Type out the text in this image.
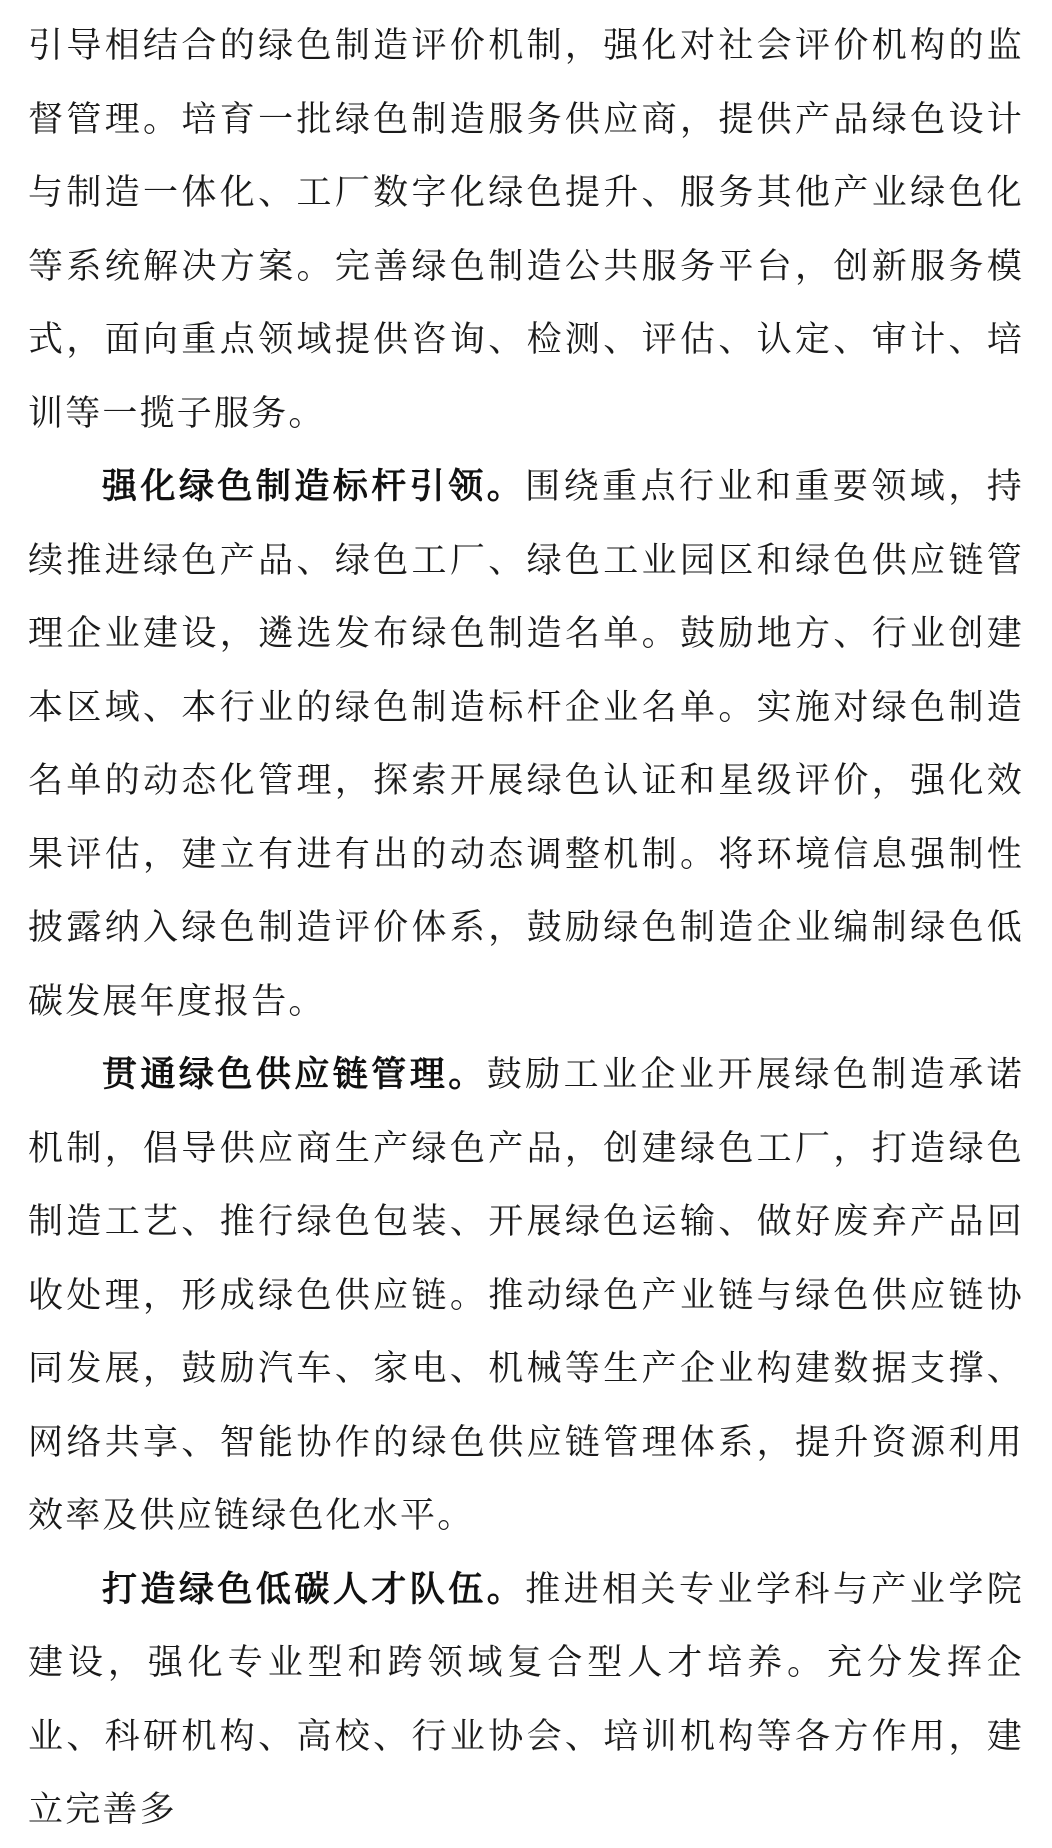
引导相结合的绿色制造评价机制，强化对社会评价机构的监督管理。培育一批绿色制造服务供应商，提供产品绿色设计与制造一体化、工厂数字化绿色提升、服务其他产业绿色化等系统解决方案。完善绿色制造公共服务平台，创新服务模式，面向重点领域提供咨询、检测、评估、认定、审计、培训等一揽子服务。

强化绿色制造标杆引领。围绕重点行业和重要领域，持续推进绿色产品、绿色工厂、绿色工业园区和绿色供应链管理企业建设，遴选发布绿色制造名单。鼓励地方、行业创建本区域、本行业的绿色制造标杆企业名单。实施对绿色制造名单的动态化管理，探索开展绿色认证和星级评价，强化效果评估，建立有进有出的动态调整机制。将环境信息强制性披露纳入绿色制造评价体系，鼓励绿色制造企业编制绿色低碳发展年度报告。

贯通绿色供应链管理。鼓励工业企业开展绿色制造承诺机制，倡导供应商生产绿色产品，创建绿色工厂，打造绿色制造工艺、推行绿色包装、开展绿色运输、做好废弃产品回收处理，形成绿色供应链。推动绿色产业链与绿色供应链协同发展，鼓励汽车、家电、机械等生产企业构建数据支撑、网络共享、智能协作的绿色供应链管理体系，提升资源利用效率及供应链绿色化水平。

打造绿色低碳人才队伍。推进相关专业学科与产业学院建设，强化专业型和跨领域复合型人才培养。充分发挥企业、科研机构、高校、行业协会、培训机构等各方作用，建立完善多
